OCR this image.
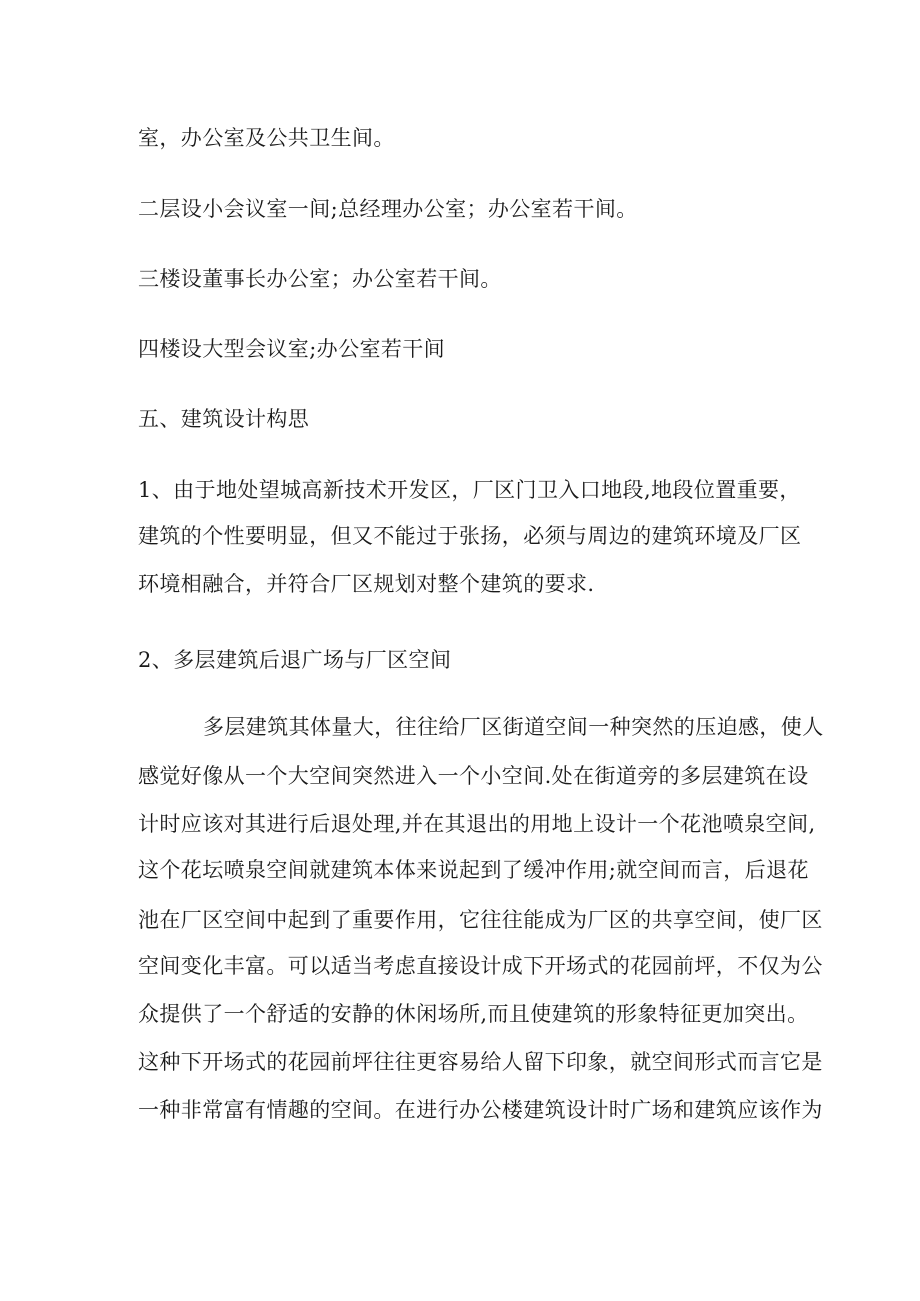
室，办公室及公共卫生间。
二层设小会议室一间;总经理办公室；办公室若干间。
三楼设董事长办公室；办公室若干间。
四楼设大型会议室;办公室若干间
五、建筑设计构思
1、由于地处望城高新技术开发区，厂区门卫入口地段,地段位置重要，
建筑的个性要明显，但又不能过于张扬，必须与周边的建筑环境及厂区
环境相融合，并符合厂区规划对整个建筑的要求.
2、多层建筑后退广场与厂区空间
多层建筑其体量大，往往给厂区街道空间一种突然的压迫感，使人
感觉好像从一个大空间突然进入一个小空间.处在街道旁的多层建筑在设
计时应该对其进行后退处理,并在其退出的用地上设计一个花池喷泉空间,
这个花坛喷泉空间就建筑本体来说起到了缓冲作用;就空间而言，后退花
池在厂区空间中起到了重要作用，它往往能成为厂区的共享空间，使厂区
空间变化丰富。可以适当考虑直接设计成下开场式的花园前坪，不仅为公
众提供了一个舒适的安静的休闲场所,而且使建筑的形象特征更加突出。
这种下开场式的花园前坪往往更容易给人留下印象，就空间形式而言它是
一种非常富有情趣的空间。在进行办公楼建筑设计时广场和建筑应该作为
